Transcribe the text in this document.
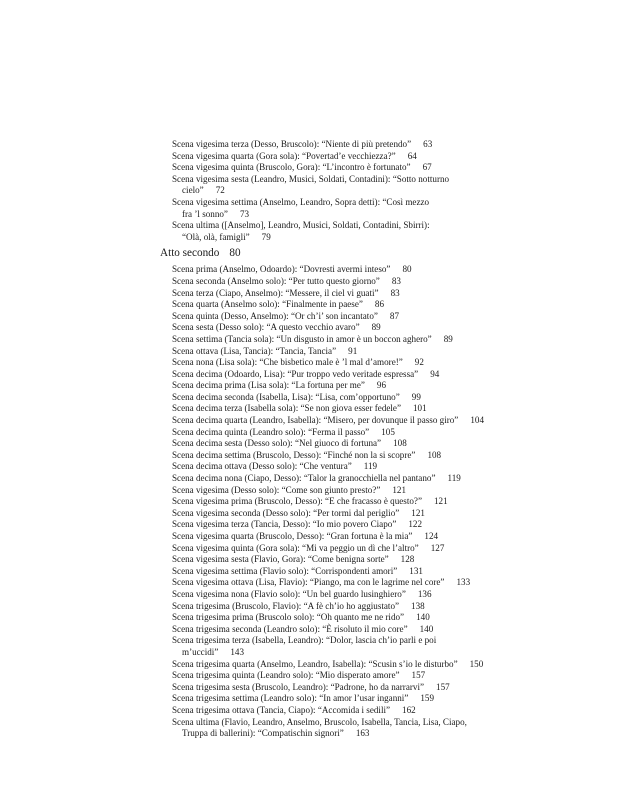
Scena vigesima terza (Desso, Bruscolo): “Niente di più pretendo” 63
Scena vigesima quarta (Gora sola): “Povertad’e vecchiezza?” 64
Scena vigesima quinta (Bruscolo, Gora): “L’incontro è fortunato” 67
Scena vigesima sesta (Leandro, Musici, Soldati, Contadini): “Sotto notturno
cielo” 72
Scena vigesima settima (Anselmo, Leandro, Sopra detti): “Così mezzo
fra ’l sonno” 73
Scena ultima ([Anselmo], Leandro, Musici, Soldati, Contadini, Sbirri):
“Olà, olà, famigli” 79
Atto secondo 80
Scena prima (Anselmo, Odoardo): “Dovresti avermi inteso” 80
Scena seconda (Anselmo solo): “Per tutto questo giorno” 83
Scena terza (Ciapo, Anselmo): “Messere, il ciel vi guati” 83
Scena quarta (Anselmo solo): “Finalmente in paese” 86
Scena quinta (Desso, Anselmo): “Or ch’i’ son incantato” 87
Scena sesta (Desso solo): “A questo vecchio avaro” 89
Scena settima (Tancia sola): “Un disgusto in amor è un boccon aghero” 89
Scena ottava (Lisa, Tancia): “Tancia, Tancia” 91
Scena nona (Lisa sola): “Che bisbetico male è ’l mal d’amore!” 92
Scena decima (Odoardo, Lisa): “Pur troppo vedo veritade espressa” 94
Scena decima prima (Lisa sola): “La fortuna per me” 96
Scena decima seconda (Isabella, Lisa): “Lisa, com’opportuno” 99
Scena decima terza (Isabella sola): “Se non giova esser fedele” 101
Scena decima quarta (Leandro, Isabella): “Misero, per dovunque il passo giro” 104
Scena decima quinta (Leandro solo): “Ferma il passo” 105
Scena decima sesta (Desso solo): “Nel giuoco di fortuna” 108
Scena decima settima (Bruscolo, Desso): “Finché non la si scopre” 108
Scena decima ottava (Desso solo): “Che ventura” 119
Scena decima nona (Ciapo, Desso): “Talor la granocchiella nel pantano” 119
Scena vigesima (Desso solo): “Come son giunto presto?” 121
Scena vigesima prima (Bruscolo, Desso): “E che fracasso è questo?” 121
Scena vigesima seconda (Desso solo): “Per tormi dal periglio” 121
Scena vigesima terza (Tancia, Desso): “Io mio povero Ciapo” 122
Scena vigesima quarta (Bruscolo, Desso): “Gran fortuna è la mia” 124
Scena vigesima quinta (Gora sola): “Mi va peggio un dì che l’altro” 127
Scena vigesima sesta (Flavio, Gora): “Come benigna sorte” 128
Scena vigesima settima (Flavio solo): “Corrispondenti amori” 131
Scena vigesima ottava (Lisa, Flavio): “Piango, ma con le lagrime nel core” 133
Scena vigesima nona (Flavio solo): “Un bel guardo lusinghiero” 136
Scena trigesima (Bruscolo, Flavio): “A fè ch’io ho aggiustato” 138
Scena trigesima prima (Bruscolo solo): “Oh quanto me ne rido” 140
Scena trigesima seconda (Leandro solo): “È risoluto il mio core” 140
Scena trigesima terza (Isabella, Leandro): “Dolor, lascia ch’io parli e poi
m’uccidi” 143
Scena trigesima quarta (Anselmo, Leandro, Isabella): “Scusin s’io le disturbo” 150
Scena trigesima quinta (Leandro solo): “Mio disperato amore” 157
Scena trigesima sesta (Bruscolo, Leandro): “Padrone, ho da narrarvi” 157
Scena trigesima settima (Leandro solo): “In amor l’usar inganni” 159
Scena trigesima ottava (Tancia, Ciapo): “Accomida i sedili” 162
Scena ultima (Flavio, Leandro, Anselmo, Bruscolo, Isabella, Tancia, Lisa, Ciapo,
Truppa di ballerini): “Compatischin signori” 163
